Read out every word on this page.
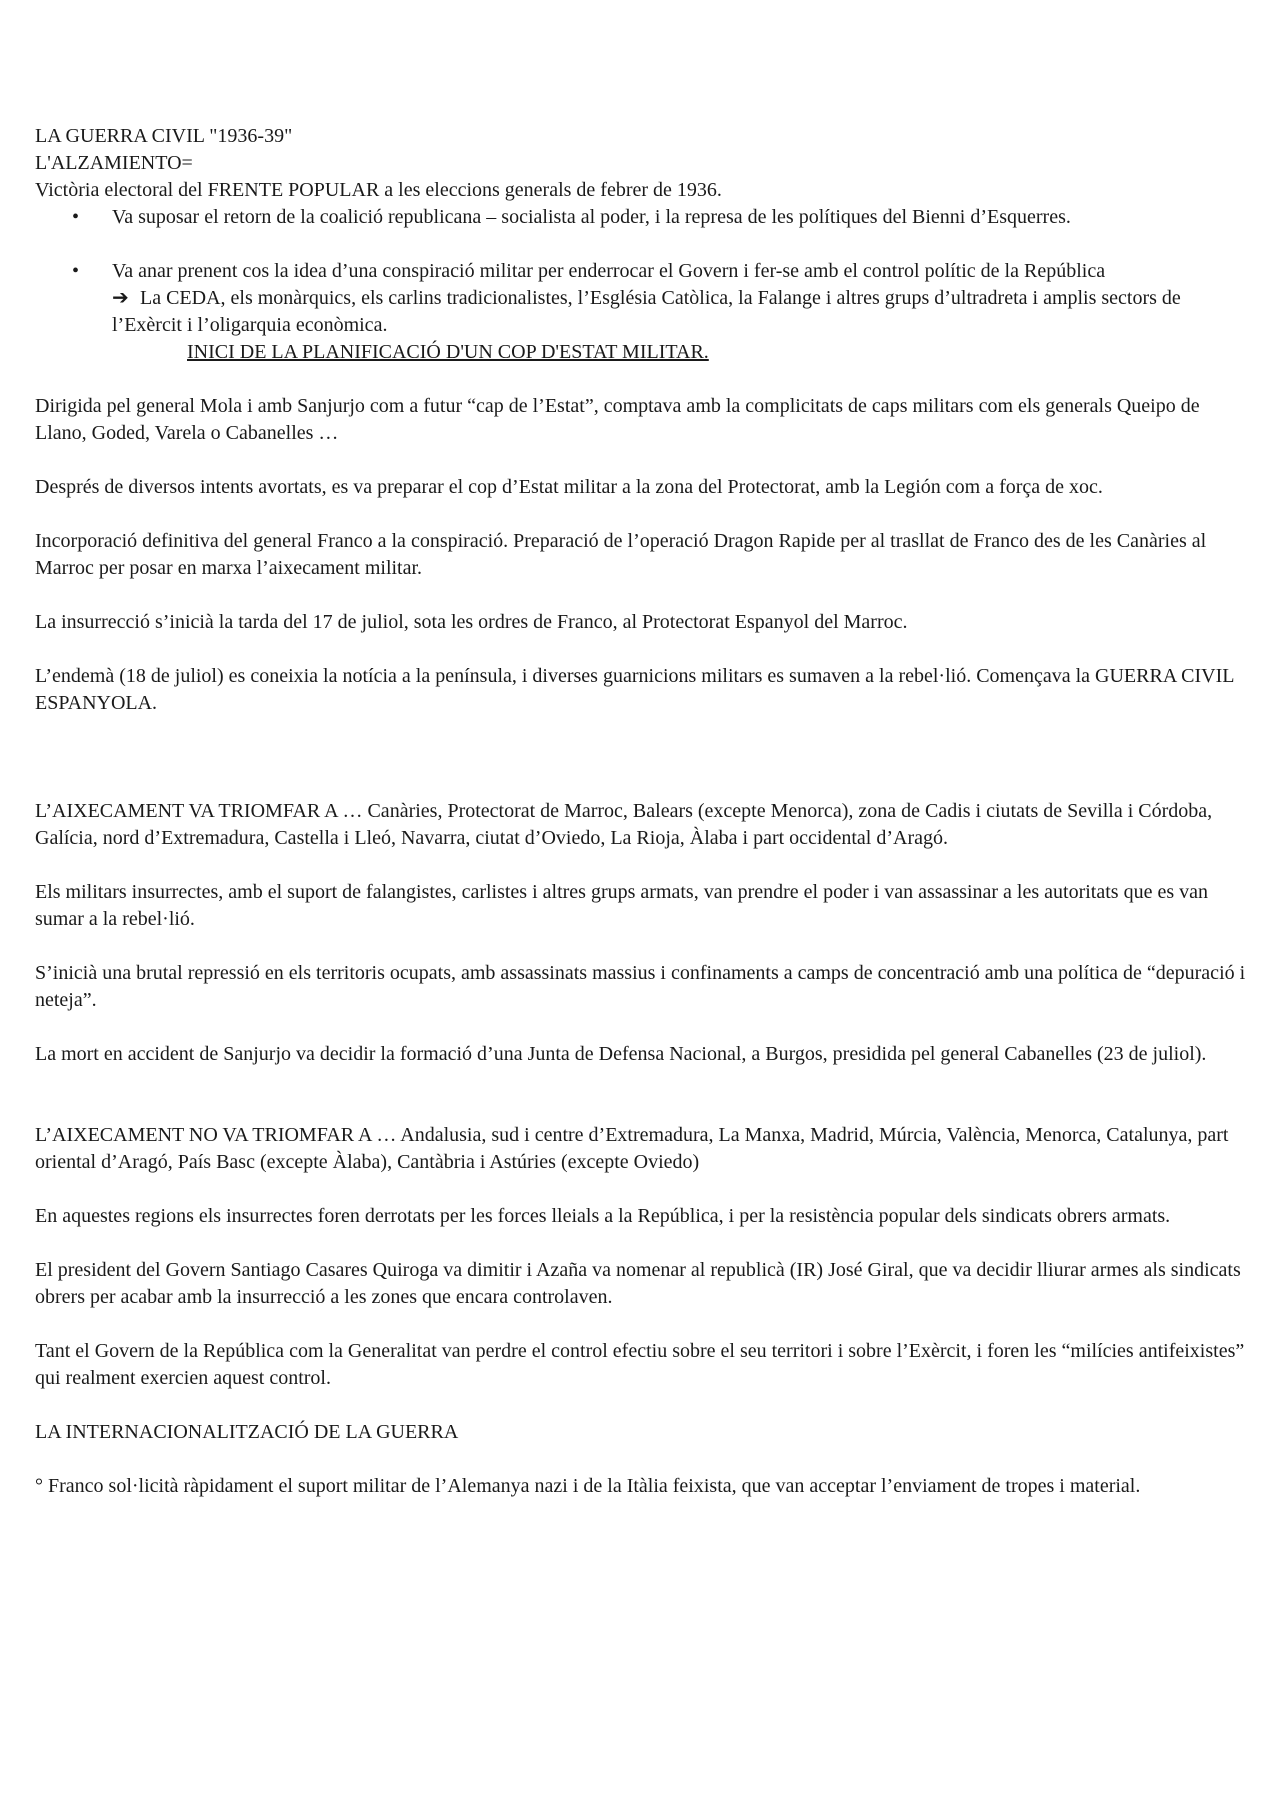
LA GUERRA CIVIL "1936-39"

L'ALZAMIENTO=

Victòria electoral del FRENTE POPULAR a les eleccions generals de febrer de 1936.

• Va suposar el retorn de la coalició republicana – socialista al poder, i la represa de les polítiques del Bienni d’Esquerres.
• Va anar prenent cos la idea d’una conspiració militar per enderrocar el Govern i fer-se amb el control polític de la República
➔ La CEDA, els monàrquics, els carlins tradicionalistes, l’Església Catòlica, la Falange i altres grups d’ultradreta i amplis sectors de l’Exèrcit i l’oligarquia econòmica.
INICI DE LA PLANIFICACIÓ D'UN COP D'ESTAT MILITAR.

Dirigida pel general Mola i amb Sanjurjo com a futur “cap de l’Estat”, comptava amb la complicitats de caps militars com els generals Queipo de Llano, Goded, Varela o Cabanelles …

Després de diversos intents avortats, es va preparar el cop d’Estat militar a la zona del Protectorat, amb la Legión com a força de xoc.

Incorporació definitiva del general Franco a la conspiració. Preparació de l’operació Dragon Rapide per al trasllat de Franco des de les Canàries al Marroc per posar en marxa l’aixecament militar.

La insurrecció s’inicià la tarda del 17 de juliol, sota les ordres de Franco, al Protectorat Espanyol del Marroc.

L’endemà (18 de juliol) es coneixia la notícia a la península, i diverses guarnicions militars es sumaven a la rebel·lió. Començava la GUERRA CIVIL ESPANYOLA.

L’AIXECAMENT VA TRIOMFAR A … Canàries, Protectorat de Marroc, Balears (excepte Menorca), zona de Cadis i ciutats de Sevilla i Córdoba, Galícia, nord d’Extremadura, Castella i Lleó, Navarra, ciutat d’Oviedo, La Rioja, Àlaba i part occidental d’Aragó.

Els militars insurrectes, amb el suport de falangistes, carlistes i altres grups armats, van prendre el poder i van assassinar a les autoritats que es van sumar a la rebel·lió.

S’inicià una brutal repressió en els territoris ocupats, amb assassinats massius i confinaments a camps de concentració amb una política de “depuració i neteja”.

La mort en accident de Sanjurjo va decidir la formació d’una Junta de Defensa Nacional, a Burgos, presidida pel general Cabanelles (23 de juliol).

L’AIXECAMENT NO VA TRIOMFAR A … Andalusia, sud i centre d’Extremadura, La Manxa, Madrid, Múrcia, València, Menorca, Catalunya, part oriental d’Aragó, País Basc (excepte Àlaba), Cantàbria i Astúries (excepte Oviedo)

En aquestes regions els insurrectes foren derrotats per les forces lleials a la República, i per la resistència popular dels sindicats obrers armats.

El president del Govern Santiago Casares Quiroga va dimitir i Azaña va nomenar al republicà (IR) José Giral, que va decidir lliurar armes als sindicats obrers per acabar amb la insurrecció a les zones que encara controlaven.

Tant el Govern de la República com la Generalitat van perdre el control efectiu sobre el seu territori i sobre l’Exèrcit, i foren les “milícies antifeixistes” qui realment exercien aquest control.

LA INTERNACIONALITZACIÓ DE LA GUERRA

° Franco sol·licità ràpidament el suport militar de l’Alemanya nazi i de la Itàlia feixista, que van acceptar l’enviament de tropes i material.
